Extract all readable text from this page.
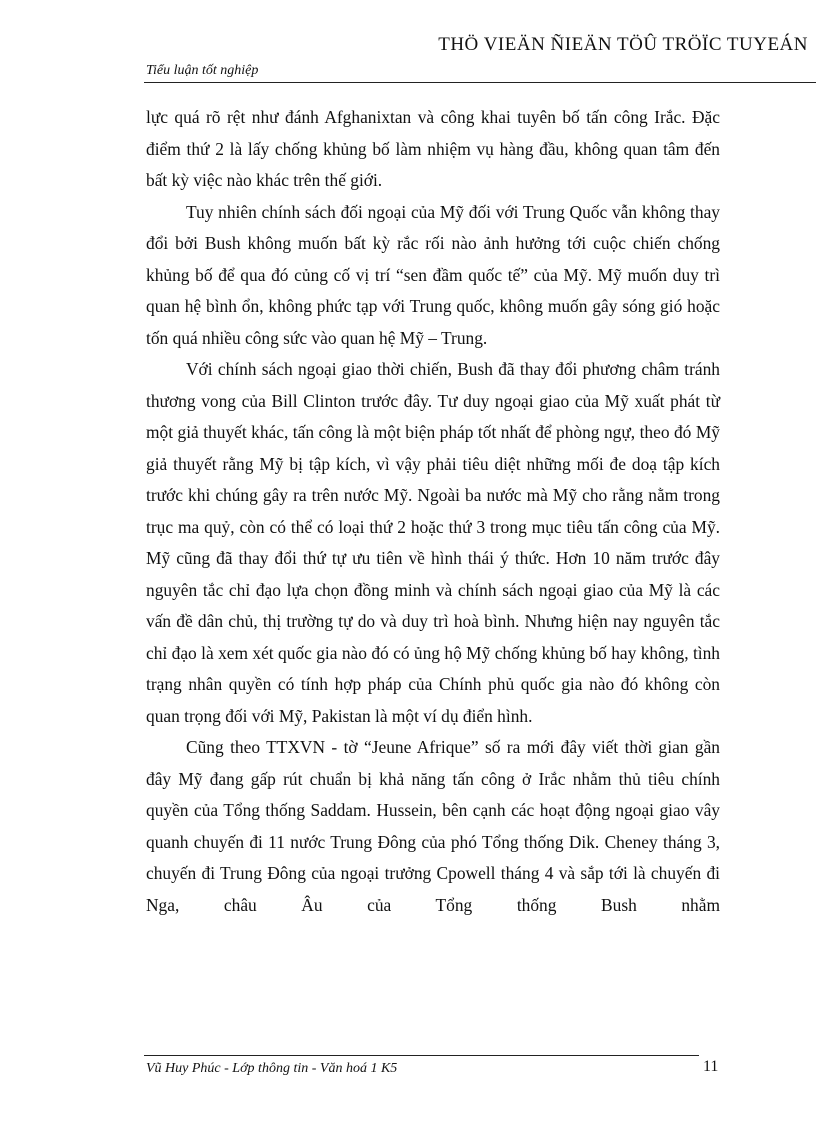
THÖ VIEÄN ÑIEÄN TÖÛ TRÖÏC TUYEÁN
Tiểu luận tốt nghiệp

lực quá rõ rệt như đánh Afghanixtan và công khai tuyên bố tấn công Irắc. Đặc điểm thứ 2 là lấy chống khủng bố làm nhiệm vụ hàng đầu, không quan tâm đến bất kỳ việc nào khác trên thế giới.

Tuy nhiên chính sách đối ngoại của Mỹ đối với Trung Quốc vẫn không thay đổi bởi Bush không muốn bất kỳ rắc rối nào ảnh hưởng tới cuộc chiến chống khủng bố để qua đó củng cố vị trí “sen đầm quốc tế” của Mỹ. Mỹ muốn duy trì quan hệ bình ổn, không phức tạp với Trung quốc, không muốn gây sóng gió hoặc tốn quá nhiều công sức vào quan hệ Mỹ – Trung.

Với chính sách ngoại giao thời chiến, Bush đã thay đổi phương châm tránh thương vong của Bill Clinton trước đây. Tư duy ngoại giao của Mỹ xuất phát từ một giả thuyết khác, tấn công là một biện pháp tốt nhất để phòng ngự, theo đó Mỹ giả thuyết rằng Mỹ bị tập kích, vì vậy phải tiêu diệt những mối đe doạ tập kích trước khi chúng gây ra trên nước Mỹ. Ngoài ba nước mà Mỹ cho rằng nằm trong trục ma quỷ, còn có thể có loại thứ 2 hoặc thứ 3 trong mục tiêu tấn công của Mỹ. Mỹ cũng đã thay đổi thứ tự ưu tiên về hình thái ý thức. Hơn 10 năm trước đây nguyên tắc chỉ đạo lựa chọn đồng minh và chính sách ngoại giao của Mỹ là các vấn đề dân chủ, thị trường tự do và duy trì hoà bình. Nhưng hiện nay nguyên tắc chỉ đạo là xem xét quốc gia nào đó có ủng hộ Mỹ chống khủng bố hay không, tình trạng nhân quyền có tính hợp pháp của Chính phủ quốc gia nào đó không còn quan trọng đối với Mỹ, Pakistan là một ví dụ điển hình.

Cũng theo TTXVN - tờ “Jeune Afrique” số ra mới đây viết thời gian gần đây Mỹ đang gấp rút chuẩn bị khả năng tấn công ở Irắc nhằm thủ tiêu chính quyền của Tổng thống Saddam. Hussein, bên cạnh các hoạt động ngoại giao vây quanh chuyến đi 11 nước Trung Đông của phó Tổng thống Dik. Cheney tháng 3, chuyến đi Trung Đông của ngoại trưởng Cpowell tháng 4 và sắp tới là chuyến đi Nga, châu Âu của Tổng thống Bush nhằm

Vũ Huy Phúc - Lớp thông tin - Văn hoá 1 K5	11
